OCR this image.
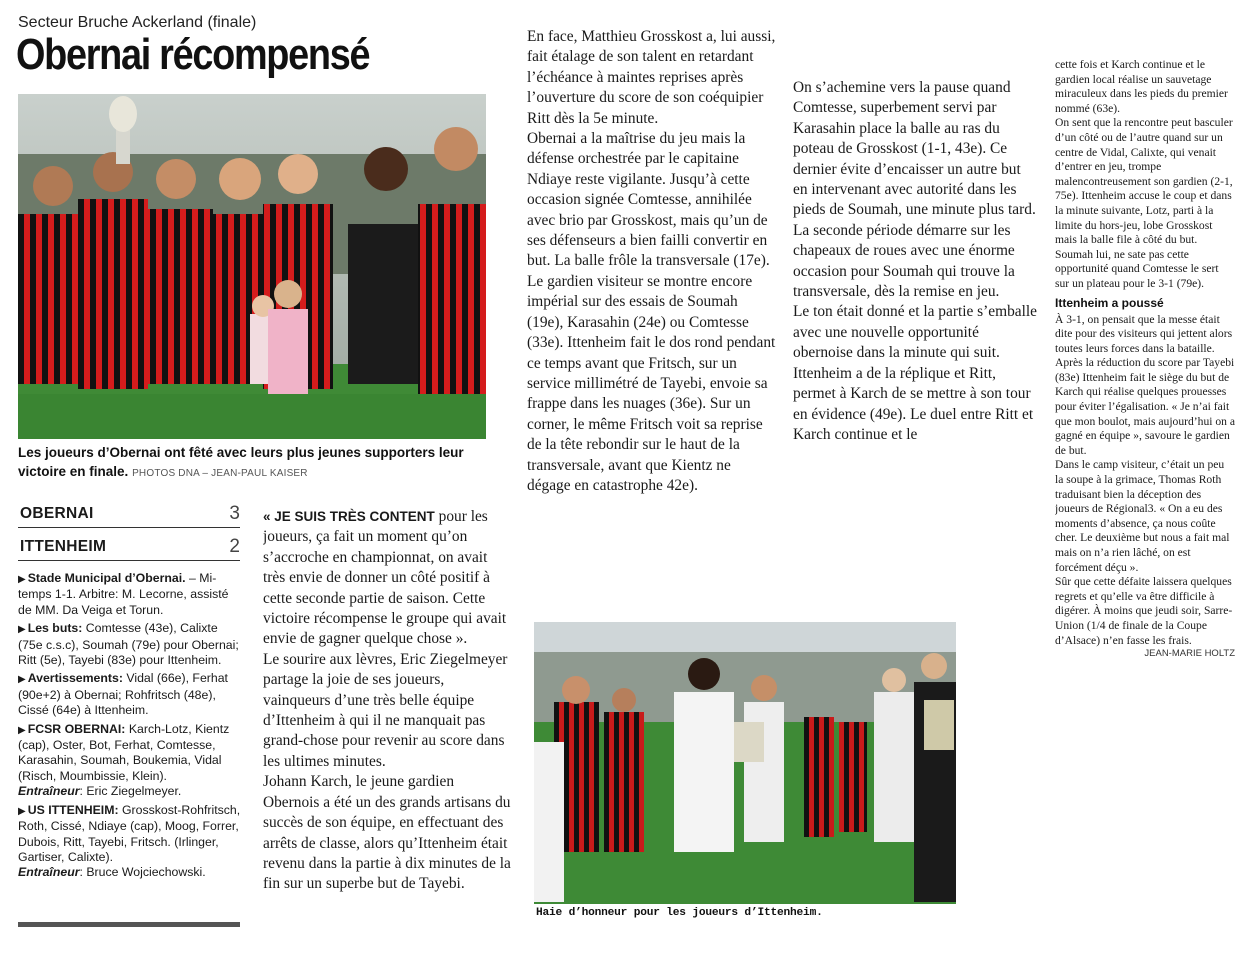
Secteur Bruche Ackerland (finale)
Obernai récompensé
Les joueurs d’Obernai ont fêté avec leurs plus jeunes supporters leur victoire en finale. PHOTOS DNA – JEAN-PAUL KAISER
OBERNAI	3
ITTENHEIM	2

▶ Stade Municipal d’Obernai. – Mi-temps 1-1. Arbitre: M. Lecorne, assisté de MM. Da Veiga et Torun.

▶ Les buts: Comtesse (43e), Calixte (75e c.s.c), Soumah (79e) pour Obernai; Ritt (5e), Tayebi (83e) pour Ittenheim.

▶ Avertissements: Vidal (66e), Ferhat (90e+2) à Obernai; Rohfritsch (48e), Cissé (64e) à Ittenheim.

▶ FCSR OBERNAI: Karch-Lotz, Kientz (cap), Oster, Bot, Ferhat, Comtesse, Karasahin, Soumah, Boukemia, Vidal (Risch, Moumbissie, Klein).
Entraîneur: Eric Ziegelmeyer.

▶ US ITTENHEIM: Grosskost-Rohfritsch, Roth, Cissé, Ndiaye (cap), Moog, Forrer, Dubois, Ritt, Tayebi, Fritsch. (Irlinger, Gartiser, Calixte).
Entraîneur: Bruce Wojciechowski.

« JE SUIS TRÈS CONTENT pour les joueurs, ça fait un moment qu’on s’accroche en championnat, on avait très envie de donner un côté positif à cette seconde partie de saison. Cette victoire récompense le groupe qui avait envie de gagner quelque chose ».

Le sourire aux lèvres, Eric Ziegelmeyer partage la joie de ses joueurs, vainqueurs d’une très belle équipe d’Ittenheim à qui il ne manquait pas grand-chose pour revenir au score dans les ultimes minutes.

Johann Karch, le jeune gardien Obernois a été un des grands artisans du succès de son équipe, en effectuant des arrêts de classe, alors qu’Ittenheim était revenu dans la partie à dix minutes de la fin sur un superbe but de Tayebi.

En face, Matthieu Grosskost a, lui aussi, fait étalage de son talent en retardant l’échéance à maintes reprises après l’ouverture du score de son coéquipier Ritt dès la 5e minute.

Obernai a la maîtrise du jeu mais la défense orchestrée par le capitaine Ndiaye reste vigilante. Jusqu’à cette occasion signée Comtesse, annihilée avec brio par Grosskost, mais qu’un de ses défenseurs a bien failli convertir en but. La balle frôle la transversale (17e). Le gardien visiteur se montre encore impérial sur des essais de Soumah (19e), Karasahin (24e) ou Comtesse (33e). Ittenheim fait le dos rond pendant ce temps avant que Fritsch, sur un service millimétré de Tayebi, envoie sa frappe dans les nuages (36e). Sur un corner, le même Fritsch voit sa reprise de la tête rebondir sur le haut de la transversale, avant que Kientz ne dégage en catastrophe 42e).

On s’achemine vers la pause quand Comtesse, superbement servi par Karasahin place la balle au ras du poteau de Grosskost (1-1, 43e). Ce dernier évite d’encaisser un autre but en intervenant avec autorité dans les pieds de Soumah, une minute plus tard.

La seconde période démarre sur les chapeaux de roues avec une énorme occasion pour Soumah qui trouve la transversale, dès la remise en jeu.

Le ton était donné et la partie s’emballe avec une nouvelle opportunité obernoise dans la minute qui suit.

Ittenheim a de la réplique et Ritt, permet à Karch de se mettre à son tour en évidence (49e). Le duel entre Ritt et Karch continue et le

Haie d’honneur pour les joueurs d’Ittenheim.

cette fois et Karch continue et le gardien local réalise un sauvetage miraculeux dans les pieds du premier nommé (63e).

On sent que la rencontre peut basculer d’un côté ou de l’autre quand sur un centre de Vidal, Calixte, qui venait d’entrer en jeu, trompe malencontreusement son gardien (2-1, 75e). Ittenheim accuse le coup et dans la minute suivante, Lotz, parti à la limite du hors-jeu, lobe Grosskost mais la balle file à côté du but. Soumah lui, ne sate pas cette opportunité quand Comtesse le sert sur un plateau pour le 3-1 (79e).

Ittenheim a poussé

À 3-1, on pensait que la messe était dite pour des visiteurs qui jettent alors toutes leurs forces dans la bataille. Après la réduction du score par Tayebi (83e) Ittenheim fait le siège du but de Karch qui réalise quelques prouesses pour éviter l’égalisation. « Je n’ai fait que mon boulot, mais aujourd’hui on a gagné en équipe », savoure le gardien de but.

Dans le camp visiteur, c’était un peu la soupe à la grimace, Thomas Roth traduisant bien la déception des joueurs de Régional3. « On a eu des moments d’absence, ça nous coûte cher. Le deuxième but nous a fait mal mais on n’a rien lâché, on est forcément déçu ».

Sûr que cette défaite laissera quelques regrets et qu’elle va être difficile à digérer. À moins que jeudi soir, Sarre-Union (1/4 de finale de la Coupe d’Alsace) n’en fasse les frais.

JEAN-MARIE HOLTZ
